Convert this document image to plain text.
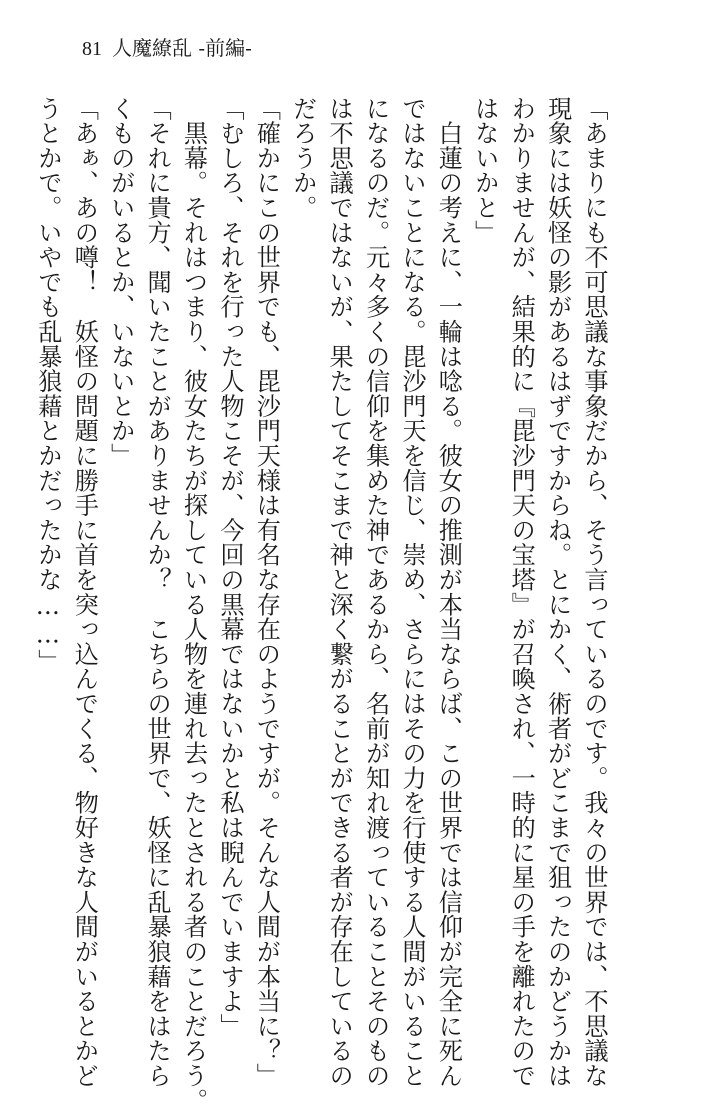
81 人魔繚乱 -前編-
「あまりにも不可思議な事象だから、そう言っているのです。我々の世界では、不思議な
現象には妖怪の影があるはずですからね。とにかく、術者がどこまで狙ったのかどうかは
わかりませんが、結果的に『毘沙門天の宝塔』が召喚され、一時的に星の手を離れたので
はないかと」
　白蓮の考えに、一輪は唸る。彼女の推測が本当ならば、この世界では信仰が完全に死ん
ではないことになる。毘沙門天を信じ、崇め、さらにはその力を行使する人間がいること
になるのだ。元々多くの信仰を集めた神であるから、名前が知れ渡っていることそのもの
は不思議ではないが、果たしてそこまで神と深く繋がることができる者が存在しているの
だろうか。
「確かにこの世界でも、毘沙門天様は有名な存在のようですが。そんな人間が本当に？」
「むしろ、それを行った人物こそが、今回の黒幕ではないかと私は睨んでいますよ」
　黒幕。それはつまり、彼女たちが探している人物を連れ去ったとされる者のことだろう。
「それに貴方、聞いたことがありませんか？　こちらの世界で、妖怪に乱暴狼藉をはたら
くものがいるとか、いないとか」
「あぁ、あの噂！　妖怪の問題に勝手に首を突っ込んでくる、物好きな人間がいるとかど
うとかで。いやでも乱暴狼藉とかだったかな……」
